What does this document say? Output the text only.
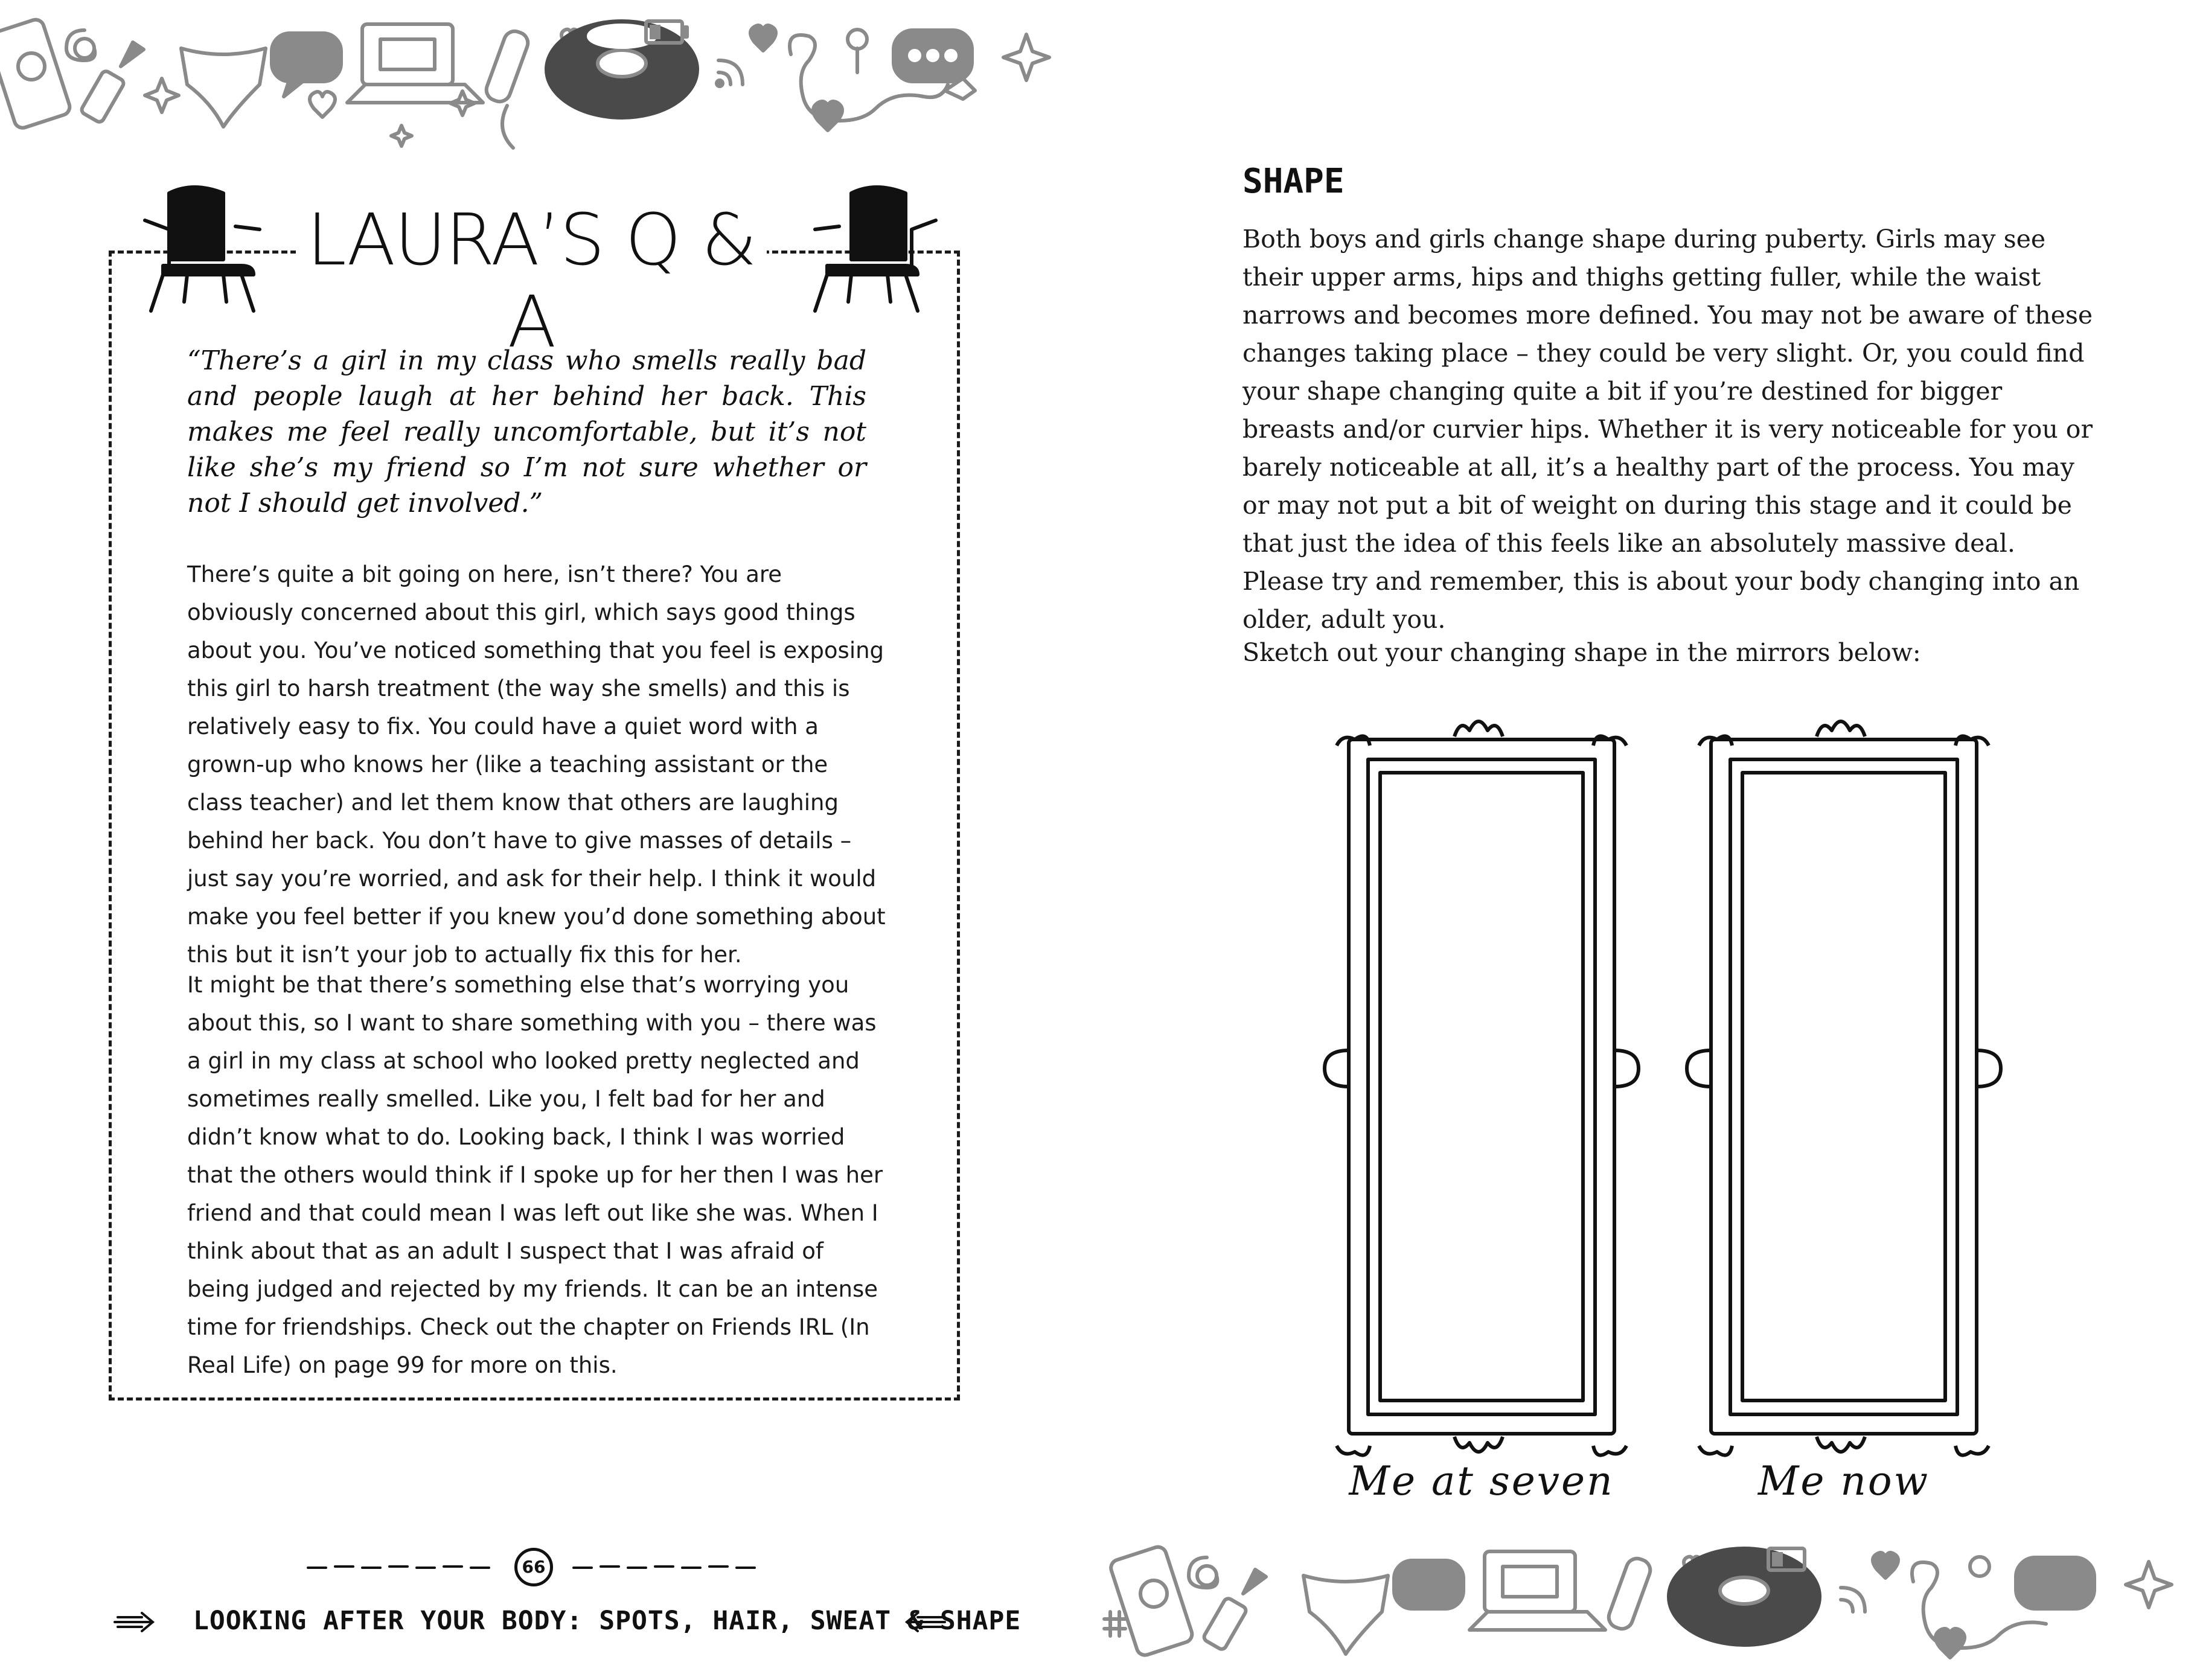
LAURA’S Q & A
“There’s a girl in my class who smells really bad and people laugh at her behind her back. This makes me feel really uncomfortable, but it’s not like she’s my friend so I’m not sure whether or not I should get involved.”
There’s quite a bit going on here, isn’t there? You are obviously concerned about this girl, which says good things about you. You’ve noticed something that you feel is exposing this girl to harsh treatment (the way she smells) and this is relatively easy to fix. You could have a quiet word with a grown-up who knows her (like a teaching assistant or the class teacher) and let them know that others are laughing behind her back. You don’t have to give masses of details – just say you’re worried, and ask for their help. I think it would make you feel better if you knew you’d done something about this but it isn’t your job to actually fix this for her.
It might be that there’s something else that’s worrying you about this, so I want to share something with you – there was a girl in my class at school who looked pretty neglected and sometimes really smelled. Like you, I felt bad for her and didn’t know what to do. Looking back, I think I was worried that the others would think if I spoke up for her then I was her friend and that could mean I was left out like she was. When I think about that as an adult I suspect that I was afraid of being judged and rejected by my friends. It can be an intense time for friendships. Check out the chapter on Friends IRL (In Real Life) on page 99 for more on this.
66
LOOKING AFTER YOUR BODY: SPOTS, HAIR, SWEAT & SHAPE
SHAPE
Both boys and girls change shape during puberty. Girls may see their upper arms, hips and thighs getting fuller, while the waist narrows and becomes more defined. You may not be aware of these changes taking place – they could be very slight. Or, you could find your shape changing quite a bit if you’re destined for bigger breasts and/or curvier hips. Whether it is very noticeable for you or barely noticeable at all, it’s a healthy part of the process. You may or may not put a bit of weight on during this stage and it could be that just the idea of this feels like an absolutely massive deal. Please try and remember, this is about your body changing into an older, adult you.
Sketch out your changing shape in the mirrors below:
Me at seven	Me now
